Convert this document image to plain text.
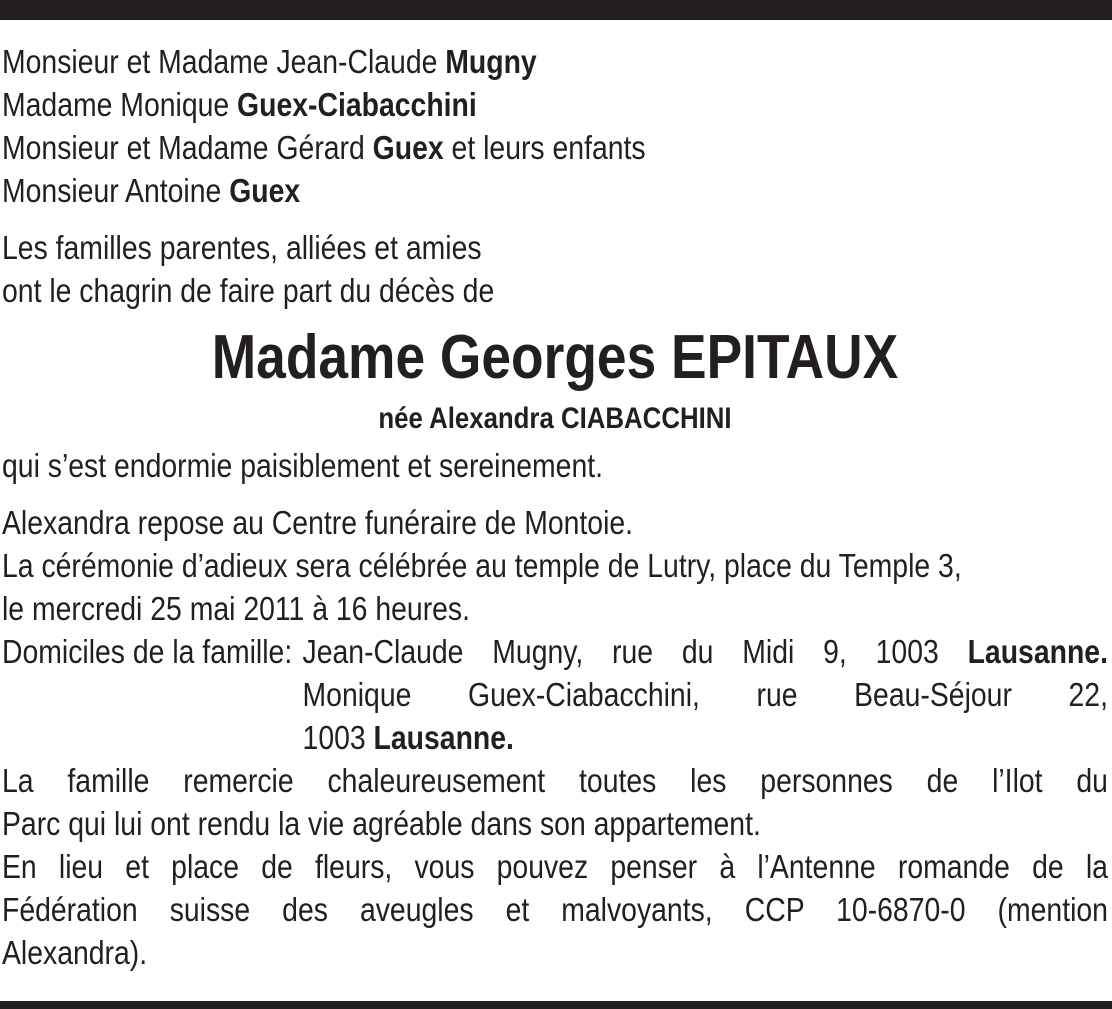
Monsieur et Madame Jean-Claude Mugny
Madame Monique Guex-Ciabacchini
Monsieur et Madame Gérard Guex et leurs enfants
Monsieur Antoine Guex
Les familles parentes, alliées et amies
ont le chagrin de faire part du décès de
Madame Georges EPITAUX
née Alexandra CIABACCHINI
qui s’est endormie paisiblement et sereinement.
Alexandra repose au Centre funéraire de Montoie.
La cérémonie d’adieux sera célébrée au temple de Lutry, place du Temple 3,
le mercredi 25 mai 2011 à 16 heures.
Domiciles de la famille: Jean-Claude Mugny, rue du Midi 9, 1003 Lausanne.
Monique Guex-Ciabacchini, rue Beau-Séjour 22,
1003 Lausanne.
La famille remercie chaleureusement toutes les personnes de l’Ilot du
Parc qui lui ont rendu la vie agréable dans son appartement.
En lieu et place de fleurs, vous pouvez penser à l’Antenne romande de la
Fédération suisse des aveugles et malvoyants, CCP 10-6870-0 (mention
Alexandra).
